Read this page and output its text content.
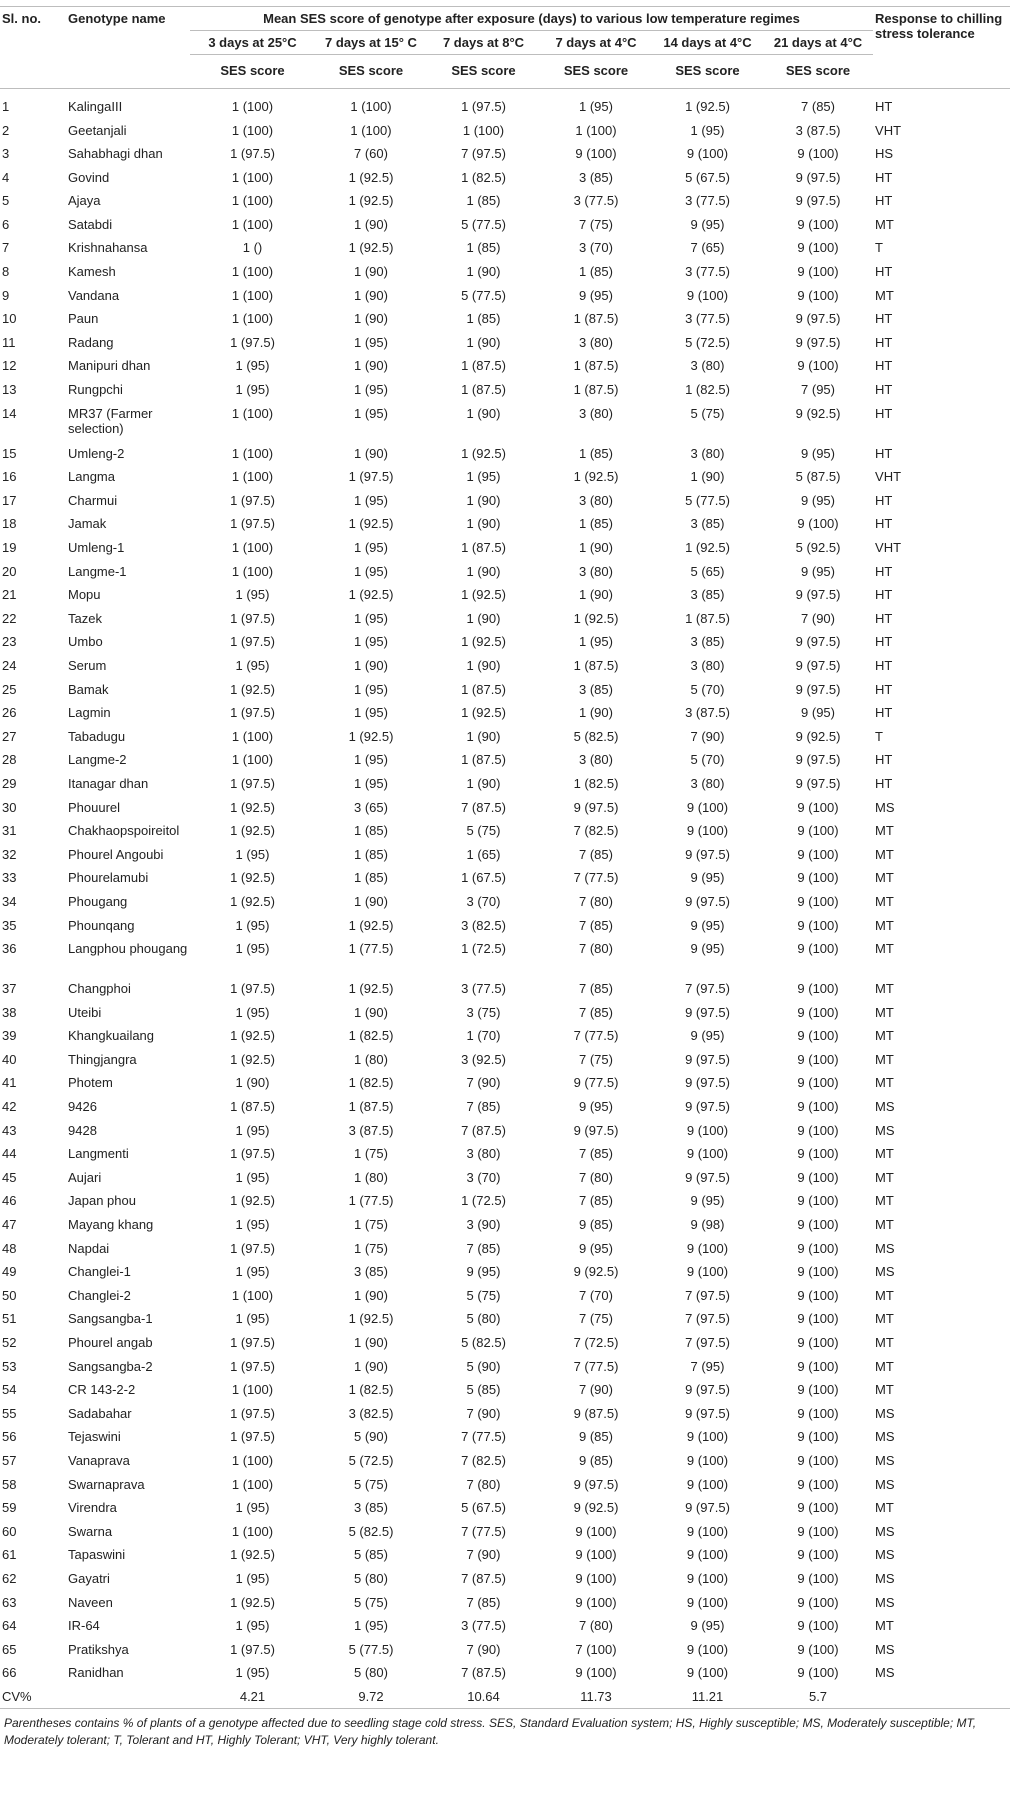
Sl. no.	Genotype name	Mean SES score of genotype after exposure (days) to various low temperature regimes						Response to chilling stress tolerance
		3 days at 25°C	7 days at 15° C	7 days at 8°C	7 days at 4°C	14 days at 4°C	21 days at 4°C	
		SES score	SES score	SES score	SES score	SES score	SES score	
1	KalingaIII	1 (100)	1 (100)	1 (97.5)	1 (95)	1 (92.5)	7 (85)	HT
2	Geetanjali	1 (100)	1 (100)	1 (100)	1 (100)	1 (95)	3 (87.5)	VHT
3	Sahabhagi dhan	1 (97.5)	7 (60)	7 (97.5)	9 (100)	9 (100)	9 (100)	HS
4	Govind	1 (100)	1 (92.5)	1 (82.5)	3 (85)	5 (67.5)	9 (97.5)	HT
5	Ajaya	1 (100)	1 (92.5)	1 (85)	3 (77.5)	3 (77.5)	9 (97.5)	HT
6	Satabdi	1 (100)	1 (90)	5 (77.5)	7 (75)	9 (95)	9 (100)	MT
7	Krishnahansa	1 ()	1 (92.5)	1 (85)	3 (70)	7 (65)	9 (100)	T
8	Kamesh	1 (100)	1 (90)	1 (90)	1 (85)	3 (77.5)	9 (100)	HT
9	Vandana	1 (100)	1 (90)	5 (77.5)	9 (95)	9 (100)	9 (100)	MT
10	Paun	1 (100)	1 (90)	1 (85)	1 (87.5)	3 (77.5)	9 (97.5)	HT
11	Radang	1 (97.5)	1 (95)	1 (90)	3 (80)	5 (72.5)	9 (97.5)	HT
12	Manipuri dhan	1 (95)	1 (90)	1 (87.5)	1 (87.5)	3 (80)	9 (100)	HT
13	Rungpchi	1 (95)	1 (95)	1 (87.5)	1 (87.5)	1 (82.5)	7 (95)	HT
14	MR37 (Farmer selection)	1 (100)	1 (95)	1 (90)	3 (80)	5 (75)	9 (92.5)	HT
15	Umleng-2	1 (100)	1 (90)	1 (92.5)	1 (85)	3 (80)	9 (95)	HT
16	Langma	1 (100)	1 (97.5)	1 (95)	1 (92.5)	1 (90)	5 (87.5)	VHT
17	Charmui	1 (97.5)	1 (95)	1 (90)	3 (80)	5 (77.5)	9 (95)	HT
18	Jamak	1 (97.5)	1 (92.5)	1 (90)	1 (85)	3 (85)	9 (100)	HT
19	Umleng-1	1 (100)	1 (95)	1 (87.5)	1 (90)	1 (92.5)	5 (92.5)	VHT
20	Langme-1	1 (100)	1 (95)	1 (90)	3 (80)	5 (65)	9 (95)	HT
21	Mopu	1 (95)	1 (92.5)	1 (92.5)	1 (90)	3 (85)	9 (97.5)	HT
22	Tazek	1 (97.5)	1 (95)	1 (90)	1 (92.5)	1 (87.5)	7 (90)	HT
23	Umbo	1 (97.5)	1 (95)	1 (92.5)	1 (95)	3 (85)	9 (97.5)	HT
24	Serum	1 (95)	1 (90)	1 (90)	1 (87.5)	3 (80)	9 (97.5)	HT
25	Bamak	1 (92.5)	1 (95)	1 (87.5)	3 (85)	5 (70)	9 (97.5)	HT
26	Lagmin	1 (97.5)	1 (95)	1 (92.5)	1 (90)	3 (87.5)	9 (95)	HT
27	Tabadugu	1 (100)	1 (92.5)	1 (90)	5 (82.5)	7 (90)	9 (92.5)	T
28	Langme-2	1 (100)	1 (95)	1 (87.5)	3 (80)	5 (70)	9 (97.5)	HT
29	Itanagar dhan	1 (97.5)	1 (95)	1 (90)	1 (82.5)	3 (80)	9 (97.5)	HT
30	Phouurel	1 (92.5)	3 (65)	7 (87.5)	9 (97.5)	9 (100)	9 (100)	MS
31	Chakhaopspoireitol	1 (92.5)	1 (85)	5 (75)	7 (82.5)	9 (100)	9 (100)	MT
32	Phourel Angoubi	1 (95)	1 (85)	1 (65)	7 (85)	9 (97.5)	9 (100)	MT
33	Phourelamubi	1 (92.5)	1 (85)	1 (67.5)	7 (77.5)	9 (95)	9 (100)	MT
34	Phougang	1 (92.5)	1 (90)	3 (70)	7 (80)	9 (97.5)	9 (100)	MT
35	Phounqang	1 (95)	1 (92.5)	3 (82.5)	7 (85)	9 (95)	9 (100)	MT
36	Langphou phougang	1 (95)	1 (77.5)	1 (72.5)	7 (80)	9 (95)	9 (100)	MT
37	Changphoi	1 (97.5)	1 (92.5)	3 (77.5)	7 (85)	7 (97.5)	9 (100)	MT
38	Uteibi	1 (95)	1 (90)	3 (75)	7 (85)	9 (97.5)	9 (100)	MT
39	Khangkuailang	1 (92.5)	1 (82.5)	1 (70)	7 (77.5)	9 (95)	9 (100)	MT
40	Thingjangra	1 (92.5)	1 (80)	3 (92.5)	7 (75)	9 (97.5)	9 (100)	MT
41	Photem	1 (90)	1 (82.5)	7 (90)	9 (77.5)	9 (97.5)	9 (100)	MT
42	9426	1 (87.5)	1 (87.5)	7 (85)	9 (95)	9 (97.5)	9 (100)	MS
43	9428	1 (95)	3 (87.5)	7 (87.5)	9 (97.5)	9 (100)	9 (100)	MS
44	Langmenti	1 (97.5)	1 (75)	3 (80)	7 (85)	9 (100)	9 (100)	MT
45	Aujari	1 (95)	1 (80)	3 (70)	7 (80)	9 (97.5)	9 (100)	MT
46	Japan phou	1 (92.5)	1 (77.5)	1 (72.5)	7 (85)	9 (95)	9 (100)	MT
47	Mayang khang	1 (95)	1 (75)	3 (90)	9 (85)	9 (98)	9 (100)	MT
48	Napdai	1 (97.5)	1 (75)	7 (85)	9 (95)	9 (100)	9 (100)	MS
49	Changlei-1	1 (95)	3 (85)	9 (95)	9 (92.5)	9 (100)	9 (100)	MS
50	Changlei-2	1 (100)	1 (90)	5 (75)	7 (70)	7 (97.5)	9 (100)	MT
51	Sangsangba-1	1 (95)	1 (92.5)	5 (80)	7 (75)	7 (97.5)	9 (100)	MT
52	Phourel angab	1 (97.5)	1 (90)	5 (82.5)	7 (72.5)	7 (97.5)	9 (100)	MT
53	Sangsangba-2	1 (97.5)	1 (90)	5 (90)	7 (77.5)	7 (95)	9 (100)	MT
54	CR 143-2-2	1 (100)	1 (82.5)	5 (85)	7 (90)	9 (97.5)	9 (100)	MT
55	Sadabahar	1 (97.5)	3 (82.5)	7 (90)	9 (87.5)	9 (97.5)	9 (100)	MS
56	Tejaswini	1 (97.5)	5 (90)	7 (77.5)	9 (85)	9 (100)	9 (100)	MS
57	Vanaprava	1 (100)	5 (72.5)	7 (82.5)	9 (85)	9 (100)	9 (100)	MS
58	Swarnaprava	1 (100)	5 (75)	7 (80)	9 (97.5)	9 (100)	9 (100)	MS
59	Virendra	1 (95)	3 (85)	5 (67.5)	9 (92.5)	9 (97.5)	9 (100)	MT
60	Swarna	1 (100)	5 (82.5)	7 (77.5)	9 (100)	9 (100)	9 (100)	MS
61	Tapaswini	1 (92.5)	5 (85)	7 (90)	9 (100)	9 (100)	9 (100)	MS
62	Gayatri	1 (95)	5 (80)	7 (87.5)	9 (100)	9 (100)	9 (100)	MS
63	Naveen	1 (92.5)	5 (75)	7 (85)	9 (100)	9 (100)	9 (100)	MS
64	IR-64	1 (95)	1 (95)	3 (77.5)	7 (80)	9 (95)	9 (100)	MT
65	Pratikshya	1 (97.5)	5 (77.5)	7 (90)	7 (100)	9 (100)	9 (100)	MS
66	Ranidhan	1 (95)	5 (80)	7 (87.5)	9 (100)	9 (100)	9 (100)	MS
CV%		4.21	9.72	10.64	11.73	11.21	5.7	
Parentheses contains % of plants of a genotype affected due to seedling stage cold stress. SES, Standard Evaluation system; HS, Highly susceptible; MS, Moderately susceptible; MT, Moderately tolerant; T, Tolerant and HT, Highly Tolerant; VHT, Very highly tolerant.
